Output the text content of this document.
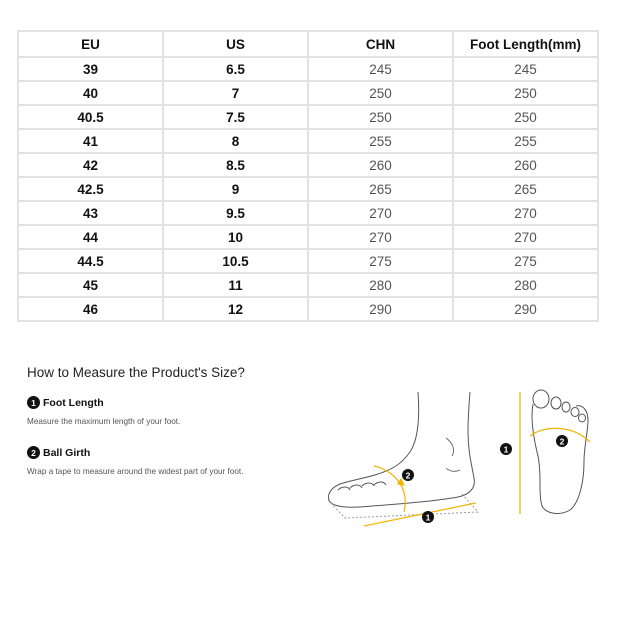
EU	US	CHN	Foot Length(mm)
39	6.5	245	245
40	7	250	250
40.5	7.5	250	250
41	8	255	255
42	8.5	260	260
42.5	9	265	265
43	9.5	270	270
44	10	270	270
44.5	10.5	275	275
45	11	280	280
46	12	290	290
How to Measure the Product's Size?
1 Foot Length
Measure the maximum length of your foot.
2 Ball Girth
Wrap a tape to measure around the widest part of your foot.	2
1
1
2
